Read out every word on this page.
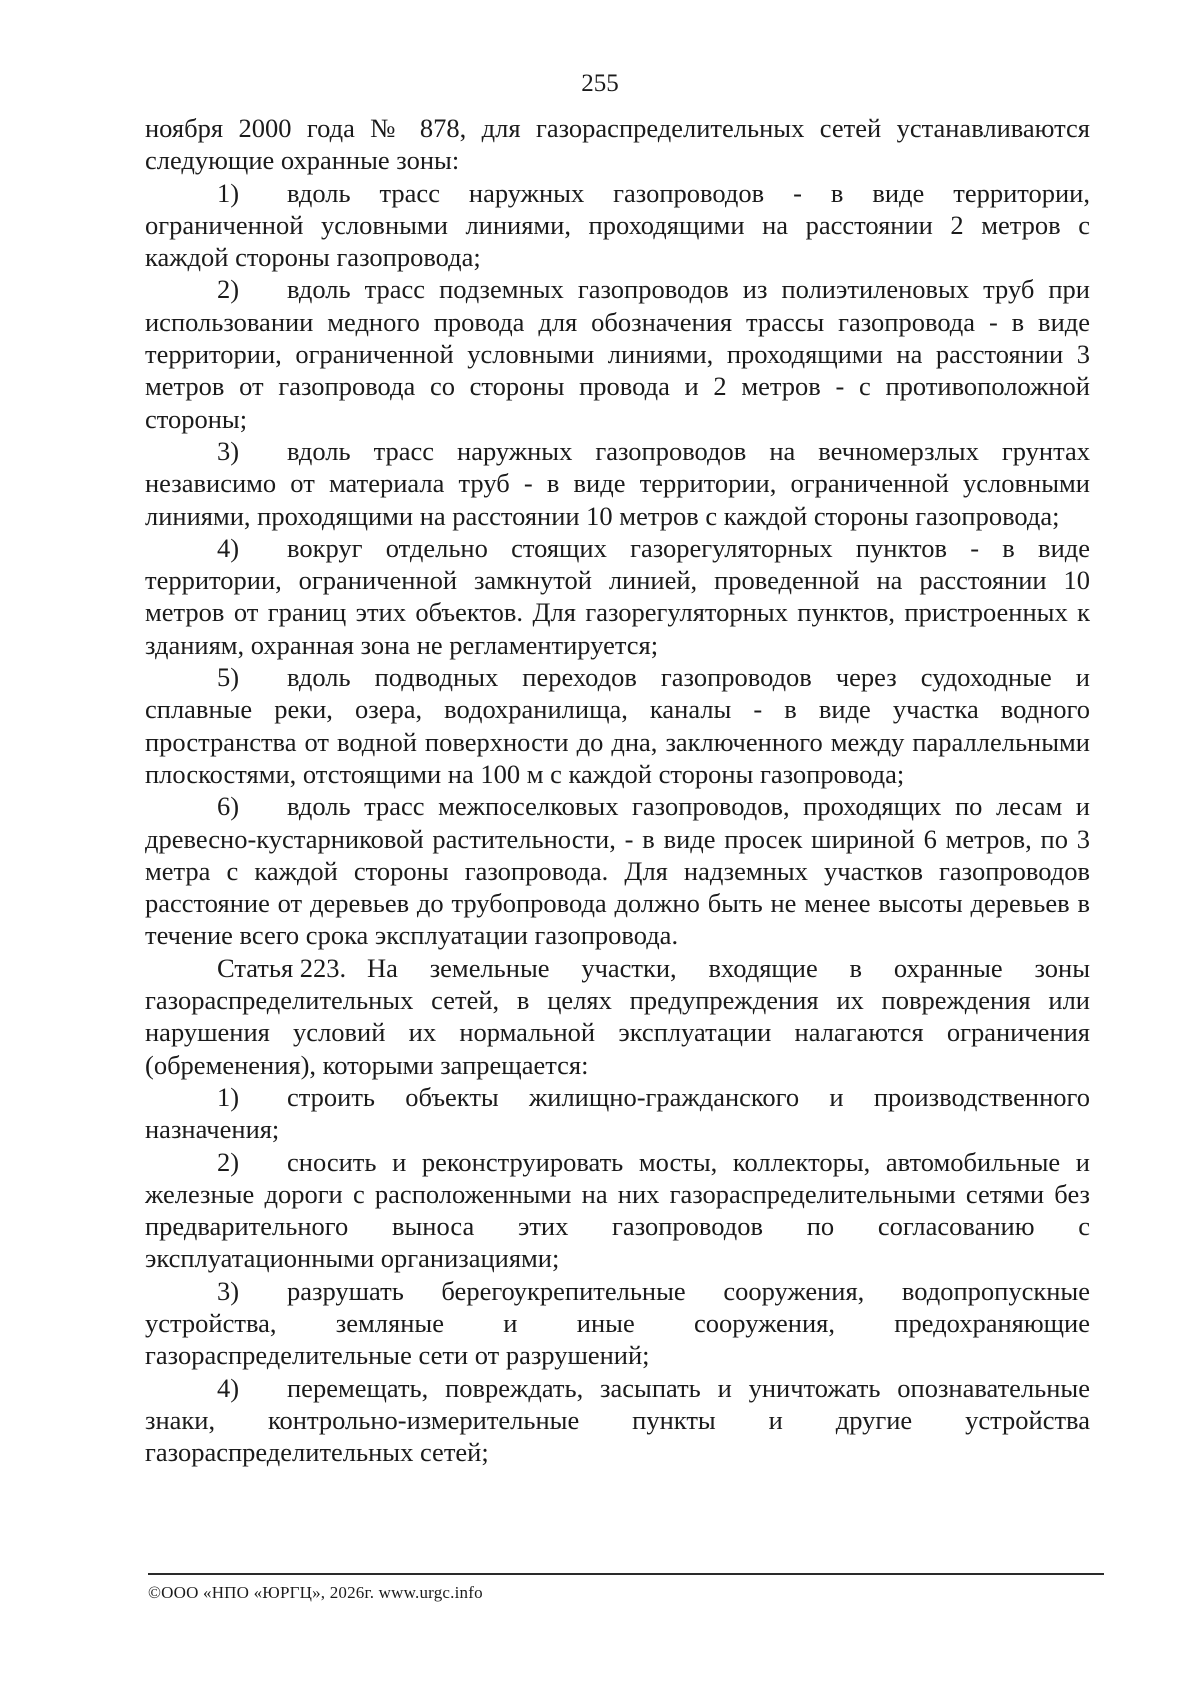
255

ноября 2000 года № 878, для газораспределительных сетей устанавливаются следующие охранные зоны:

1) вдоль трасс наружных газопроводов - в виде территории, ограниченной условными линиями, проходящими на расстоянии 2 метров с каждой стороны газопровода;

2) вдоль трасс подземных газопроводов из полиэтиленовых труб при использовании медного провода для обозначения трассы газопровода - в виде территории, ограниченной условными линиями, проходящими на расстоянии 3 метров от газопровода со стороны провода и 2 метров - с противоположной стороны;

3) вдоль трасс наружных газопроводов на вечномерзлых грунтах независимо от материала труб - в виде территории, ограниченной условными линиями, проходящими на расстоянии 10 метров с каждой стороны газопровода;

4) вокруг отдельно стоящих газорегуляторных пунктов - в виде территории, ограниченной замкнутой линией, проведенной на расстоянии 10 метров от границ этих объектов. Для газорегуляторных пунктов, пристроенных к зданиям, охранная зона не регламентируется;

5) вдоль подводных переходов газопроводов через судоходные и сплавные реки, озера, водохранилища, каналы - в виде участка водного пространства от водной поверхности до дна, заключенного между параллельными плоскостями, отстоящими на 100 м с каждой стороны газопровода;

6) вдоль трасс межпоселковых газопроводов, проходящих по лесам и древесно-кустарниковой растительности, - в виде просек шириной 6 метров, по 3 метра с каждой стороны газопровода. Для надземных участков газопроводов расстояние от деревьев до трубопровода должно быть не менее высоты деревьев в течение всего срока эксплуатации газопровода.

Статья 223. На земельные участки, входящие в охранные зоны газораспределительных сетей, в целях предупреждения их повреждения или нарушения условий их нормальной эксплуатации налагаются ограничения (обременения), которыми запрещается:

1) строить объекты жилищно-гражданского и производственного назначения;

2) сносить и реконструировать мосты, коллекторы, автомобильные и железные дороги с расположенными на них газораспределительными сетями без предварительного выноса этих газопроводов по согласованию с эксплуатационными организациями;

3) разрушать берегоукрепительные сооружения, водопропускные устройства, земляные и иные сооружения, предохраняющие газораспределительные сети от разрушений;

4) перемещать, повреждать, засыпать и уничтожать опознавательные знаки, контрольно-измерительные пункты и другие устройства газораспределительных сетей;

©ООО «НПО «ЮРГЦ», 2026г. www.urgc.info
